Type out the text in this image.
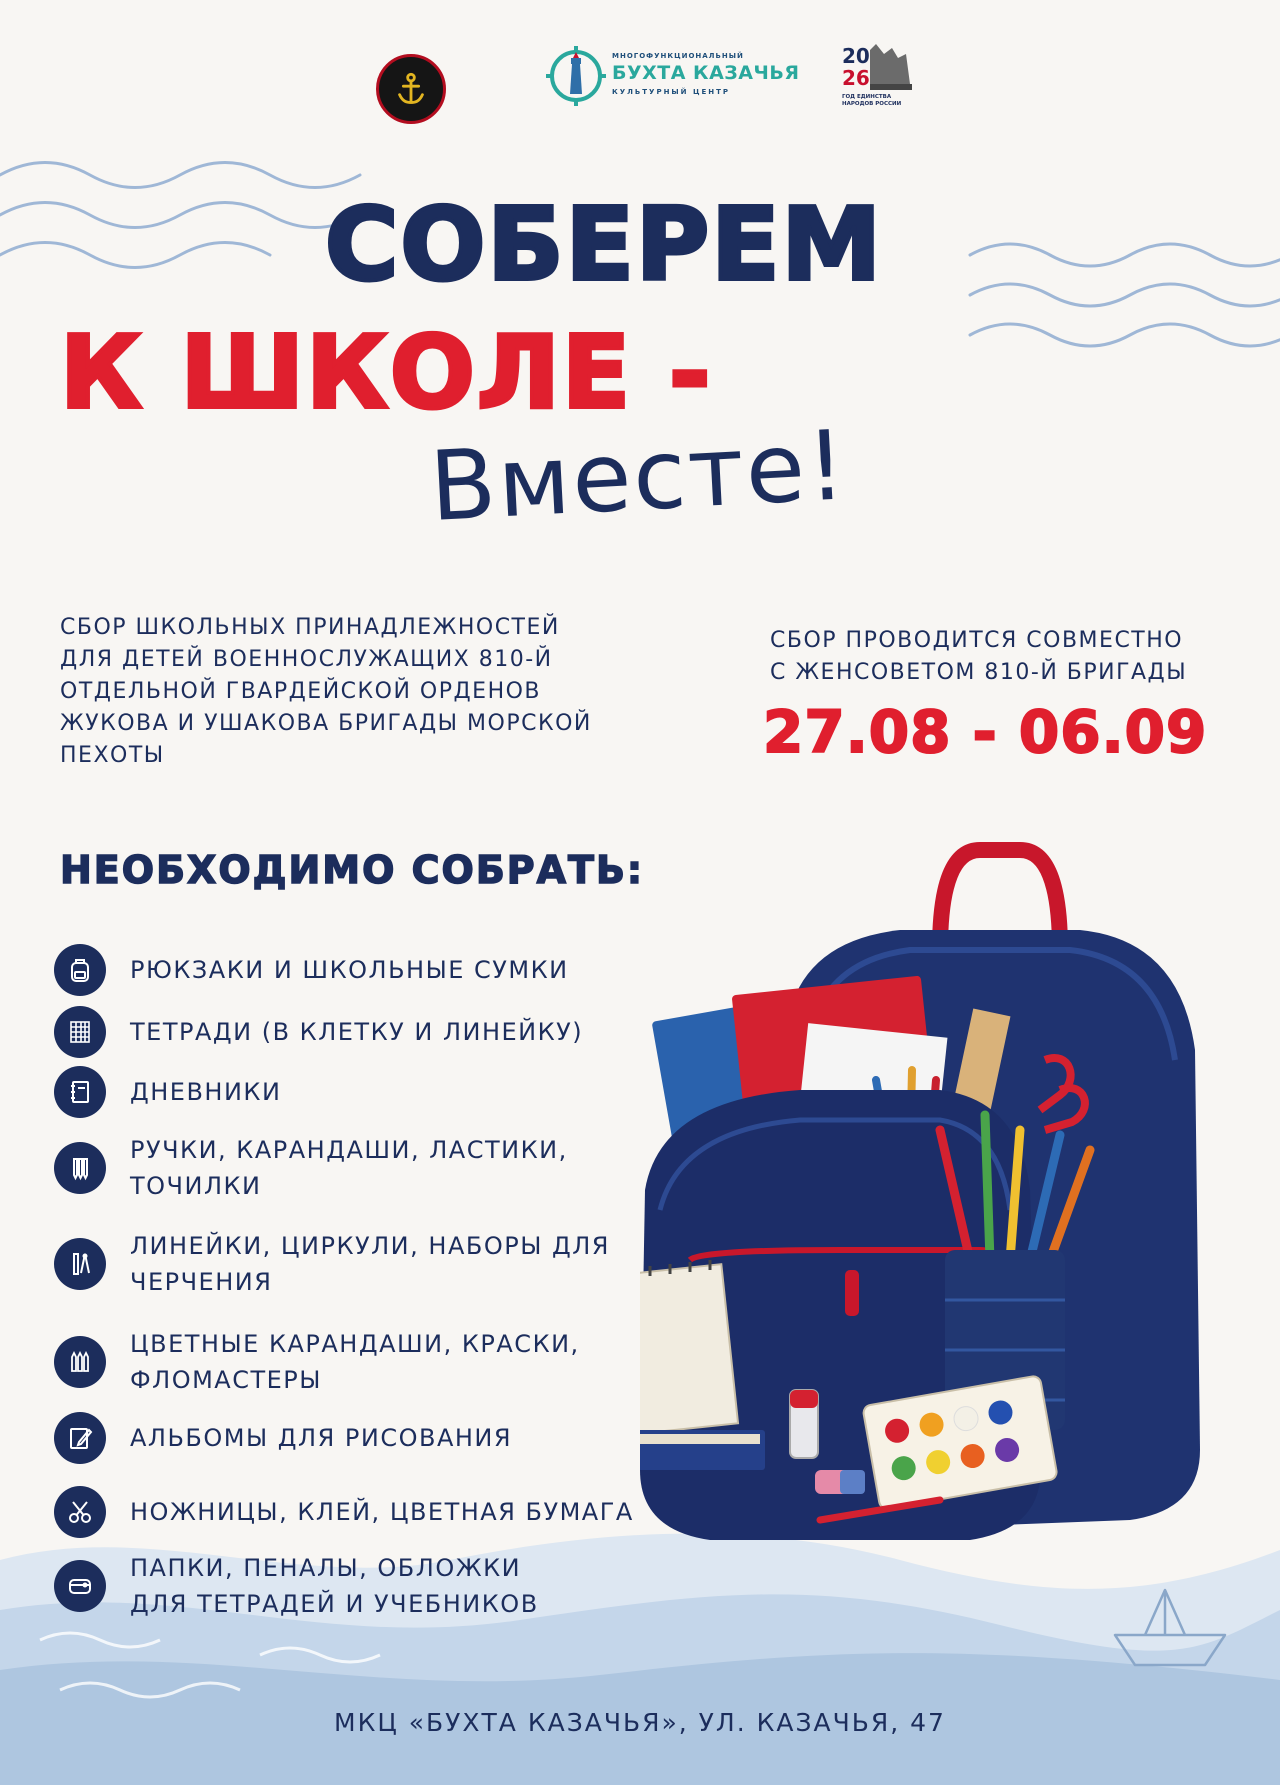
МНОГОФУНКЦИОНАЛЬНЫЙ
БУХТА КАЗАЧЬЯ
КУЛЬТУРНЫЙ ЦЕНТР
20
26
ГОД ЕДИНСТВА НАРОДОВ РОССИИ
СОБЕРЕМ
К ШКОЛЕ -
Вместе!
СБОР ШКОЛЬНЫХ ПРИНАДЛЕЖНОСТЕЙ
ДЛЯ ДЕТЕЙ ВОЕННОСЛУЖАЩИХ 810-Й
ОТДЕЛЬНОЙ ГВАРДЕЙСКОЙ ОРДЕНОВ
ЖУКОВА И УШАКОВА БРИГАДЫ МОРСКОЙ
ПЕХОТЫ
СБОР ПРОВОДИТСЯ СОВМЕСТНО
С ЖЕНСОВЕТОМ 810-Й БРИГАДЫ
27.08 - 06.09
НЕОБХОДИМО СОБРАТЬ:
РЮКЗАКИ И ШКОЛЬНЫЕ СУМКИ
ТЕТРАДИ (В КЛЕТКУ И ЛИНЕЙКУ)
ДНЕВНИКИ
РУЧКИ, КАРАНДАШИ, ЛАСТИКИ,
ТОЧИЛКИ
ЛИНЕЙКИ, ЦИРКУЛИ, НАБОРЫ ДЛЯ
ЧЕРЧЕНИЯ
ЦВЕТНЫЕ КАРАНДАШИ, КРАСКИ,
ФЛОМАСТЕРЫ
АЛЬБОМЫ ДЛЯ РИСОВАНИЯ
НОЖНИЦЫ, КЛЕЙ, ЦВЕТНАЯ БУМАГА
ПАПКИ, ПЕНАЛЫ, ОБЛОЖКИ
ДЛЯ ТЕТРАДЕЙ И УЧЕБНИКОВ
МКЦ «БУХТА КАЗАЧЬЯ», УЛ. КАЗАЧЬЯ, 47
